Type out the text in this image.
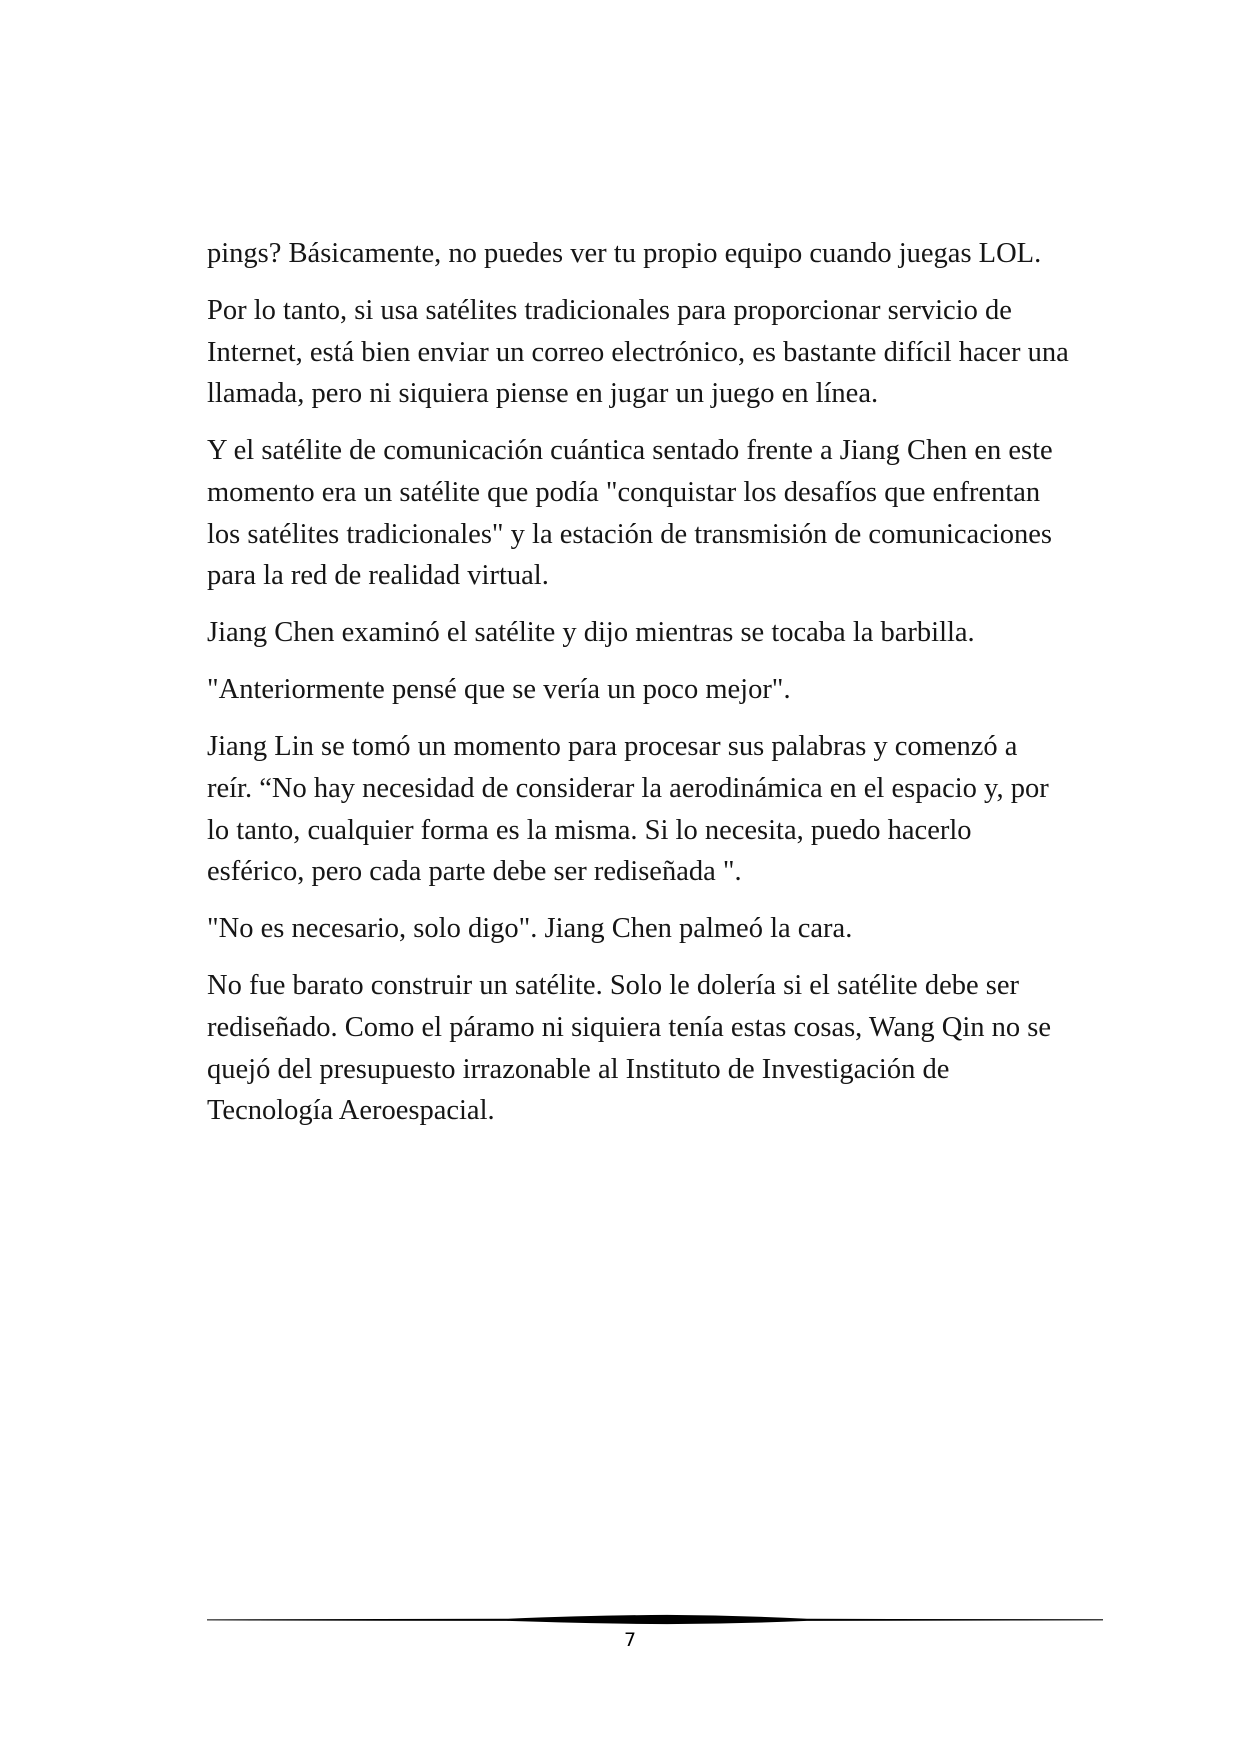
pings? Básicamente, no puedes ver tu propio equipo cuando juegas LOL.

Por lo tanto, si usa satélites tradicionales para proporcionar servicio de Internet, está bien enviar un correo electrónico, es bastante difícil hacer una llamada, pero ni siquiera piense en jugar un juego en línea.

Y el satélite de comunicación cuántica sentado frente a Jiang Chen en este momento era un satélite que podía "conquistar los desafíos que enfrentan los satélites tradicionales" y la estación de transmisión de comunicaciones para la red de realidad virtual.

Jiang Chen examinó el satélite y dijo mientras se tocaba la barbilla.

"Anteriormente pensé que se vería un poco mejor".

Jiang Lin se tomó un momento para procesar sus palabras y comenzó a reír. “No hay necesidad de considerar la aerodinámica en el espacio y, por lo tanto, cualquier forma es la misma. Si lo necesita, puedo hacerlo esférico, pero cada parte debe ser rediseñada ".

"No es necesario, solo digo". Jiang Chen palmeó la cara.

No fue barato construir un satélite. Solo le dolería si el satélite debe ser rediseñado. Como el páramo ni siquiera tenía estas cosas, Wang Qin no se quejó del presupuesto irrazonable al Instituto de Investigación de Tecnología Aeroespacial.

7
